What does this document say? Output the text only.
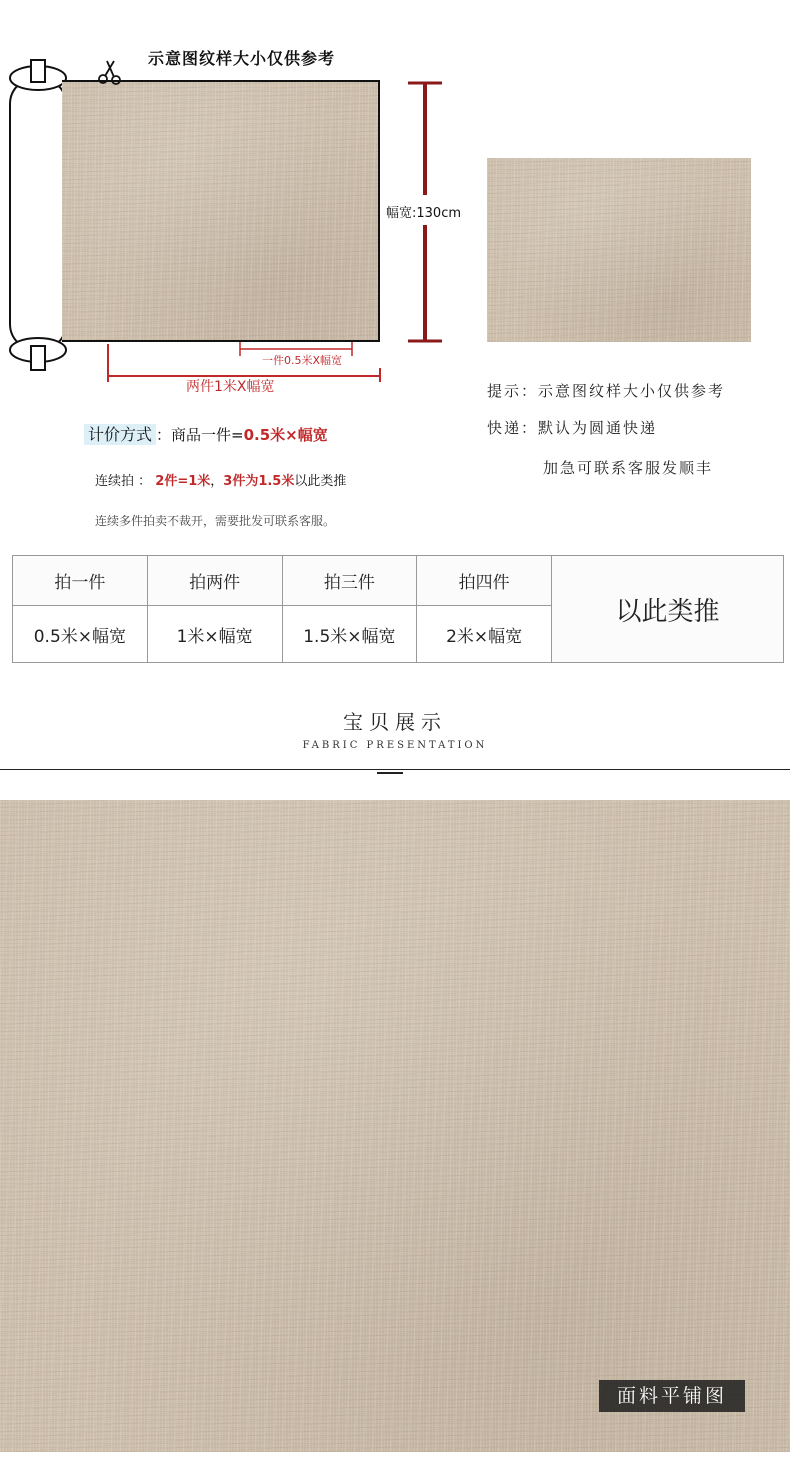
示意图纹样大小仅供参考
幅宽:130cm
一件0.5米X幅宽
两件1米X幅宽	提示：示意图纹样大小仅供参考
快递：默认为圆通快递
加急可联系客服发顺丰
计价方式 ：商品一件=0.5米×幅宽
连续拍 ： 2件=1米，3件为1.5米以此类推
连续多件拍卖不裁开，需要批发可联系客服。
拍一件	拍两件	拍三件	拍四件	以此类推
0.5米×幅宽	1米×幅宽	1.5米×幅宽	2米×幅宽	
宝贝展示
FABRIC PRESENTATION
面料平铺图
